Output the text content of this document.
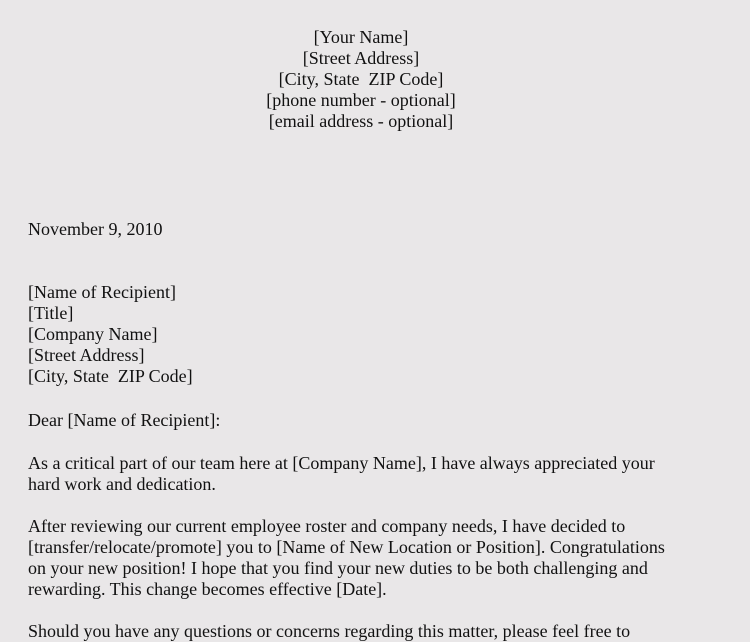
[Your Name]

[Street Address]

[City, State  ZIP Code]

[phone number - optional]

[email address - optional]

November 9, 2010

[Name of Recipient]

[Title]

[Company Name]

[Street Address]

[City, State  ZIP Code]

Dear [Name of Recipient]:

As a critical part of our team here at [Company Name], I have always appreciated your

hard work and dedication.

After reviewing our current employee roster and company needs, I have decided to

[transfer/relocate/promote] you to [Name of New Location or Position]. Congratulations

on your new position! I hope that you find your new duties to be both challenging and

rewarding. This change becomes effective [Date].

Should you have any questions or concerns regarding this matter, please feel free to
